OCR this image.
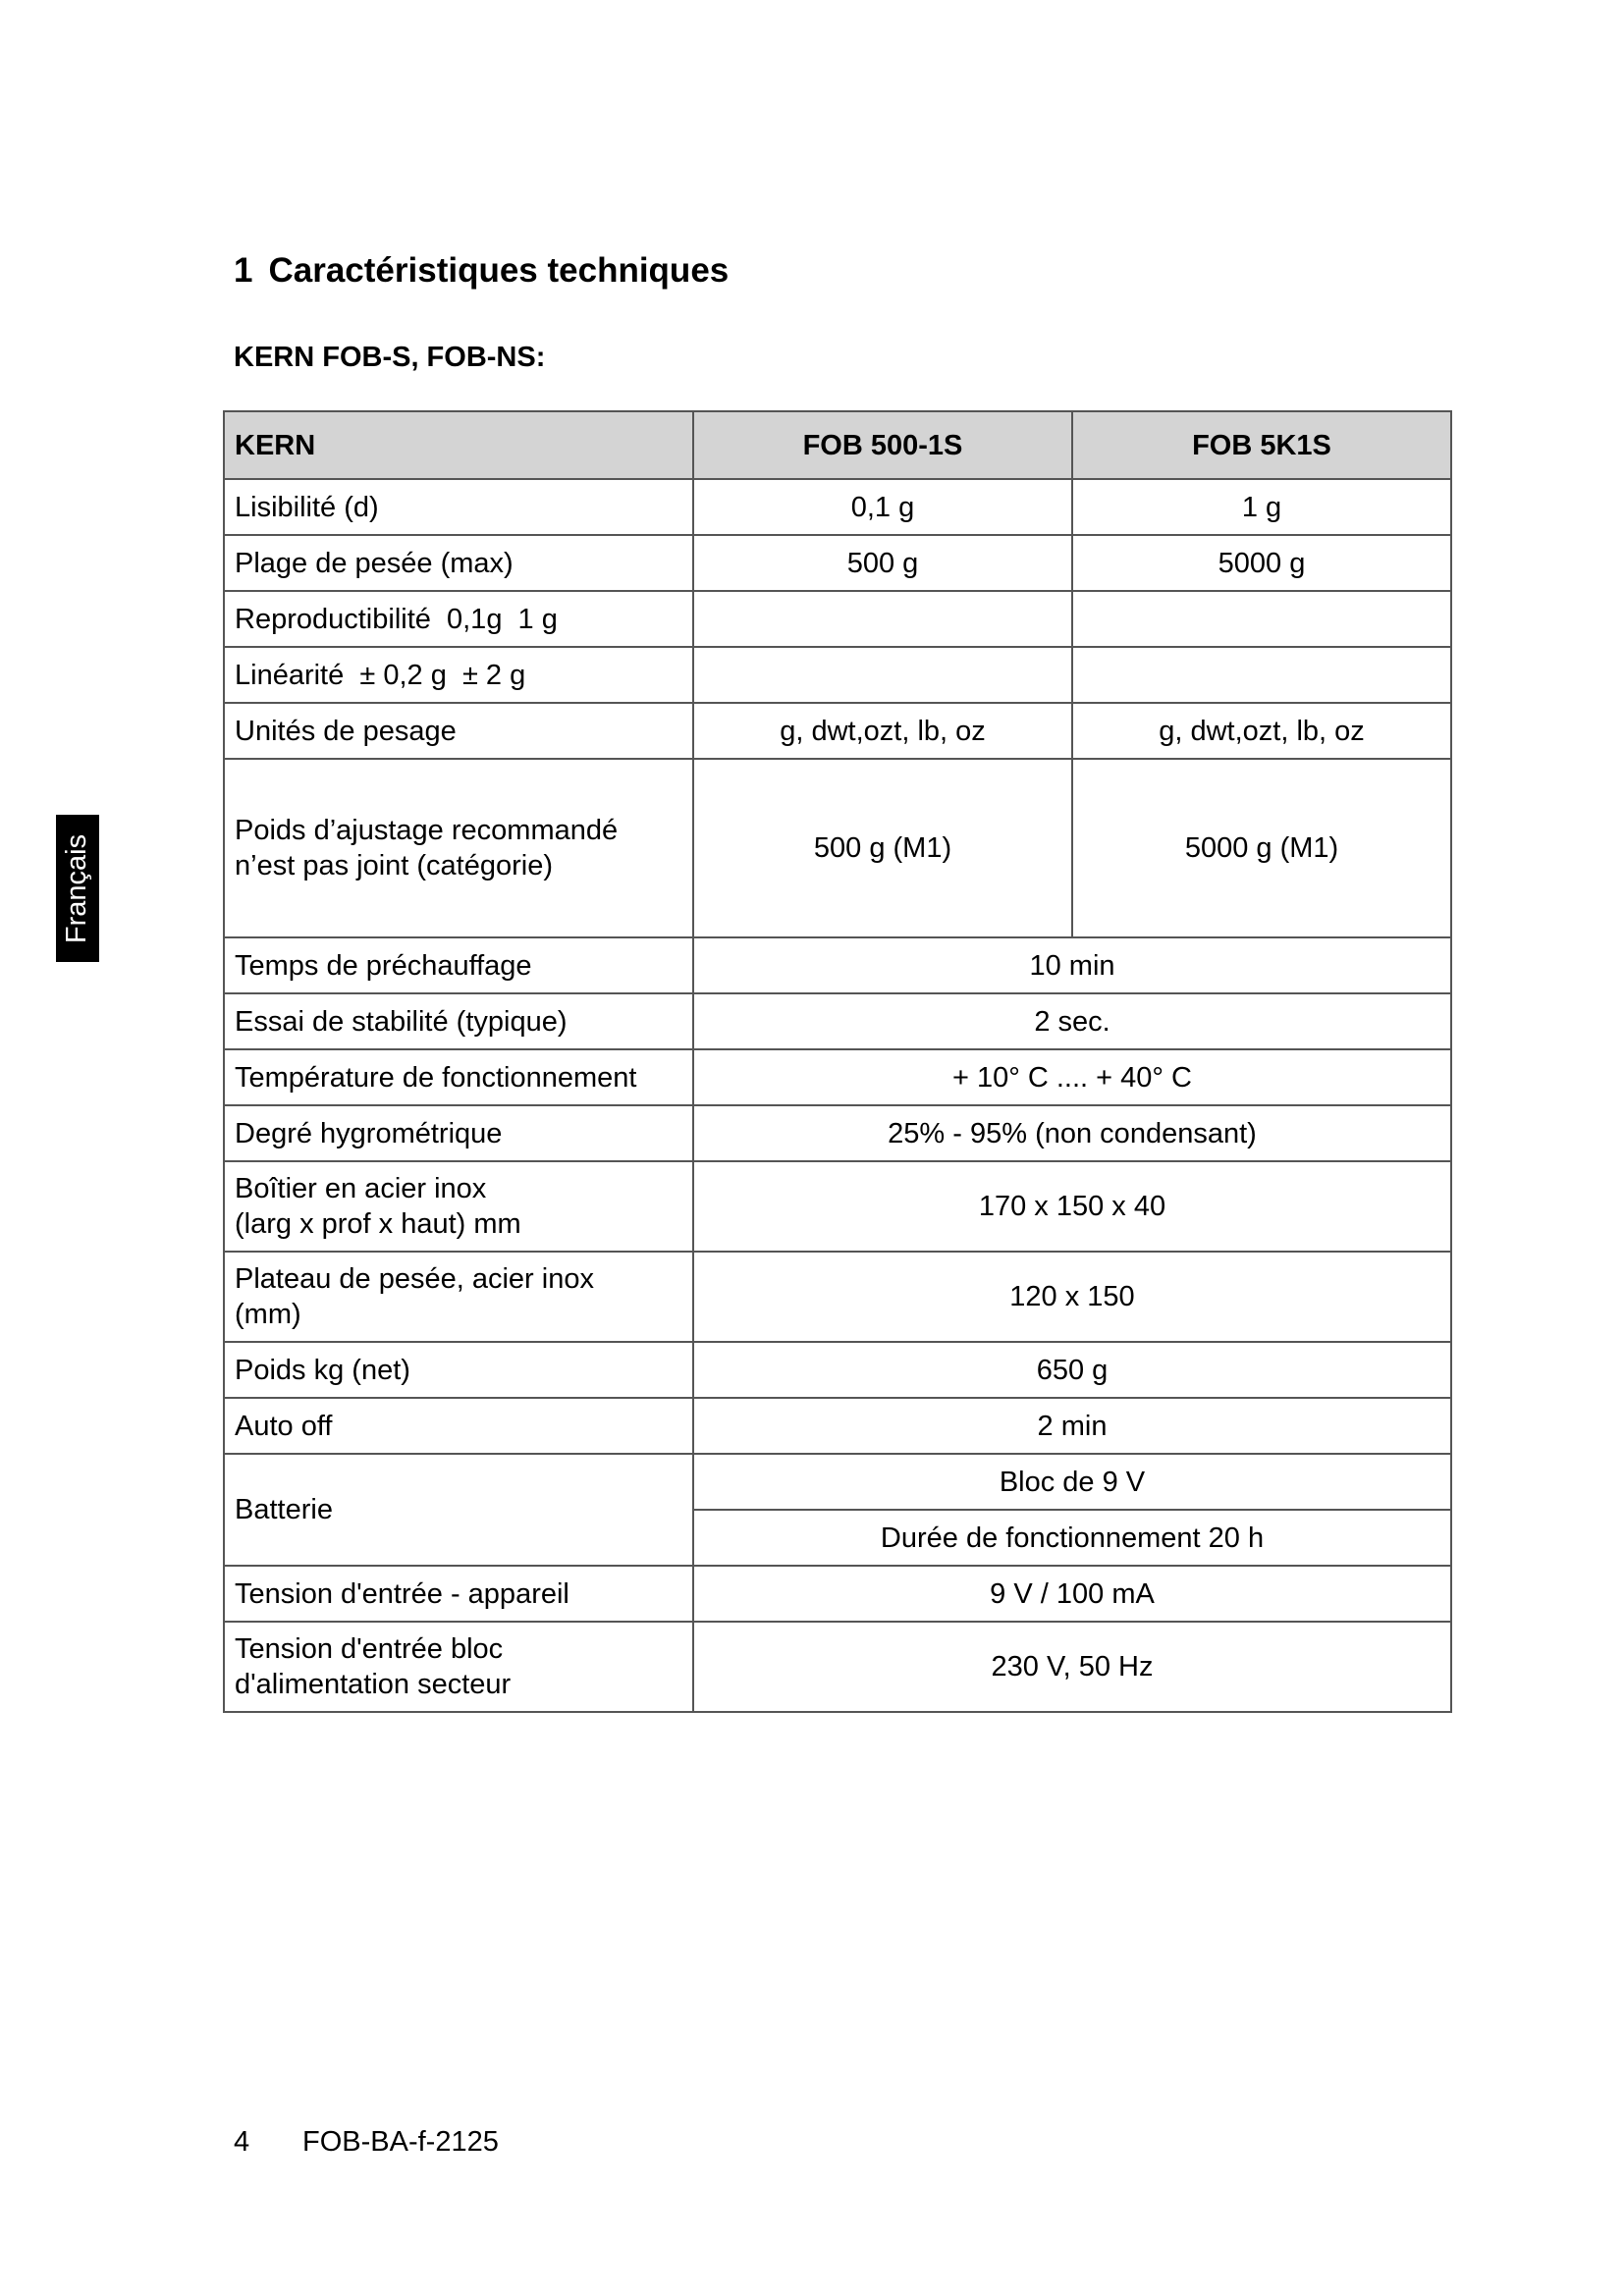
1 Caractéristiques techniques
KERN FOB-S, FOB-NS:
Français
KERN	FOB 500-1S	FOB 5K1S
Lisibilité (d)	0,1 g	1 g
Plage de pesée (max)	500 g	5000 g
Reproductibilité  0,1g  1 g		
Linéarité  ± 0,2 g  ± 2 g		
Unités de pesage	g, dwt,ozt, lb, oz	g, dwt,ozt, lb, oz

Poids d’ajustage recommandé
n’est pas joint (catégorie)	500 g (M1)	5000 g (M1)
Temps de préchauffage	10 min	
Essai de stabilité (typique)	2 sec.	
Température de fonctionnement	+ 10° C .... + 40° C	
Degré hygrométrique	25% - 95% (non condensant)	

Boîtier en acier inox
(larg x prof x haut) mm	170 x 150 x 40	

Plateau de pesée, acier inox
(mm)	120 x 150	
Poids kg (net)	650 g	
Auto off	2 min	
Batterie	Bloc de 9 V	
	Durée de fonctionnement 20 h	
Tension d'entrée - appareil	9 V / 100 mA	

Tension d'entrée bloc
d'alimentation secteur	230 V, 50 Hz	
4 FOB-BA-f-2125
